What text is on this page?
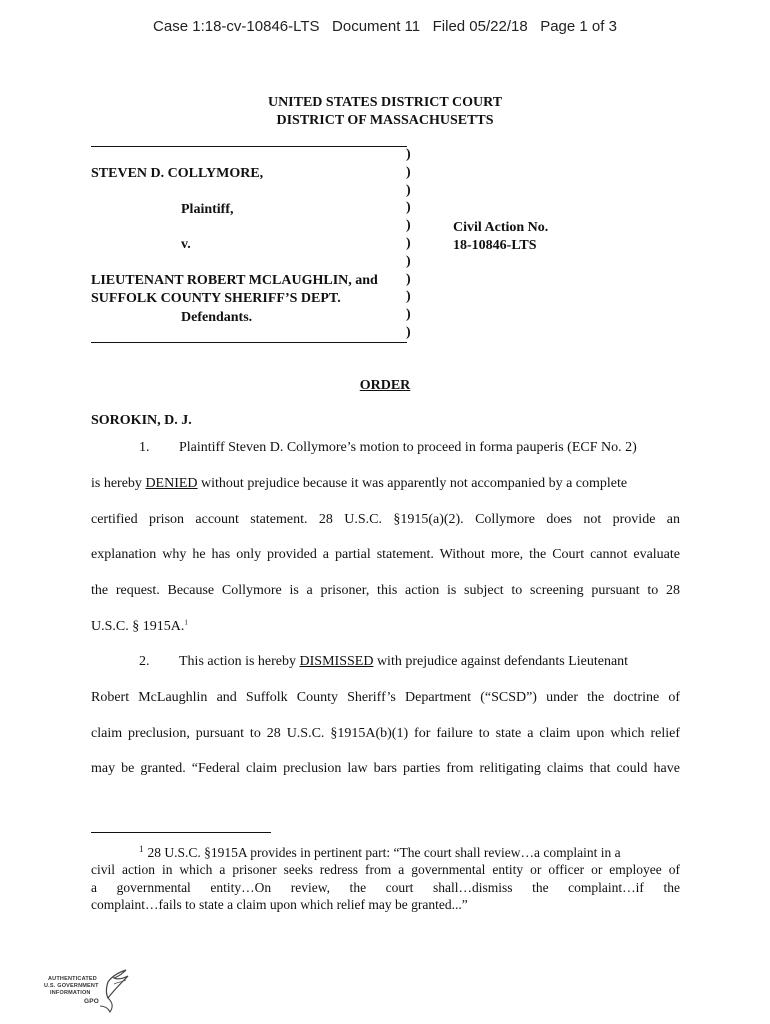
Case 1:18-cv-10846-LTS   Document 11   Filed 05/22/18   Page 1 of 3
UNITED STATES DISTRICT COURT
DISTRICT OF MASSACHUSETTS
)
)
)
)
)
)
)
)
)
)
)
STEVEN D. COLLYMORE,
Plaintiff,
v.
LIEUTENANT ROBERT MCLAUGHLIN, and
SUFFOLK COUNTY SHERIFF’S DEPT.
Defendants.
Civil Action No.
18-10846-LTS
ORDER
SOROKIN, D. J.
1. Plaintiff Steven D. Collymore’s motion to proceed in forma pauperis (ECF No. 2)
is hereby DENIED without prejudice because it was apparently not accompanied by a complete
certified prison account statement. 28 U.S.C. §1915(a)(2). Collymore does not provide an
explanation why he has only provided a partial statement. Without more, the Court cannot evaluate
the request. Because Collymore is a prisoner, this action is subject to screening pursuant to 28
U.S.C. § 1915A.$^1$
2. This action is hereby DISMISSED with prejudice against defendants Lieutenant
Robert McLaughlin and Suffolk County Sheriff’s Department (“SCSD”) under the doctrine of
claim preclusion, pursuant to 28 U.S.C. §1915A(b)(1) for failure to state a claim upon which relief
may be granted. “Federal claim preclusion law bars parties from relitigating claims that could have
$^1$ 28 U.S.C. §1915A provides in pertinent part: “The court shall review…a complaint in a
civil action in which a prisoner seeks redress from a governmental entity or officer or employee of
a governmental entity…On review, the court shall…dismiss the complaint…if the
complaint…fails to state a claim upon which relief may be granted...”
AUTHENTICATED
U.S. GOVERNMENT
INFORMATION
GPO
